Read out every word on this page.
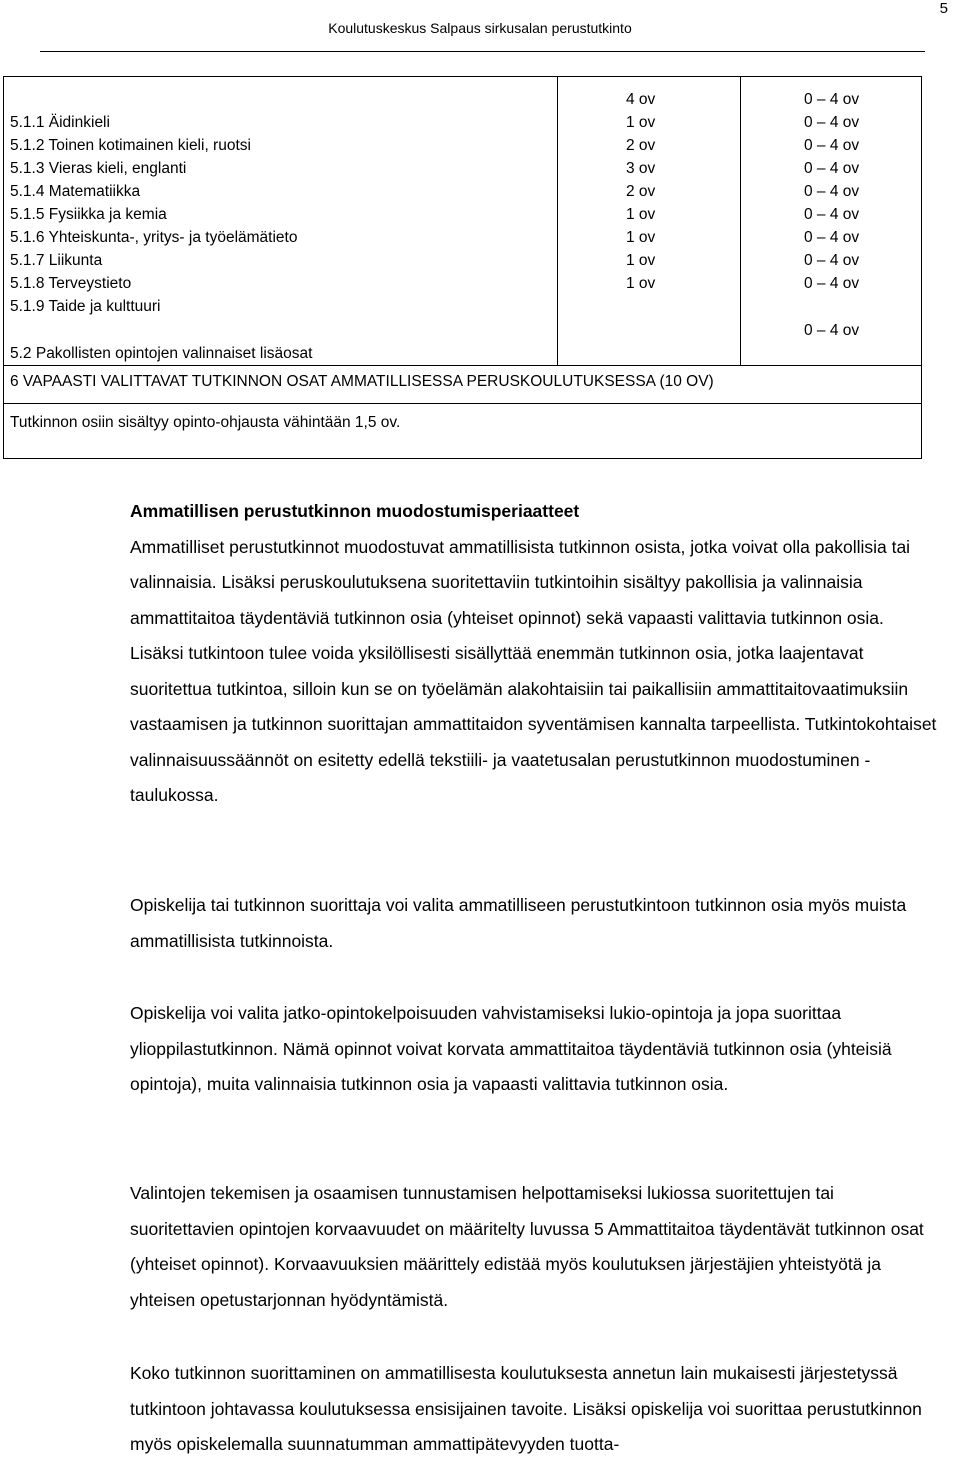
Koulutuskeskus Salpaus sirkusalan perustutkinto
5
5.1.1 Äidinkieli
5.1.2 Toinen kotimainen kieli, ruotsi
5.1.3 Vieras kieli, englanti
5.1.4 Matematiikka
5.1.5 Fysiikka ja kemia
5.1.6 Yhteiskunta-, yritys- ja työelämätieto
5.1.7 Liikunta
5.1.8 Terveystieto
5.1.9 Taide ja kulttuuri
5.2 Pakollisten opintojen valinnaiset lisäosat
4 ov
1 ov
2 ov
3 ov
2 ov
1 ov
1 ov
1 ov
1 ov
0 – 4 ov
0 – 4 ov
0 – 4 ov
0 – 4 ov
0 – 4 ov
0 – 4 ov
0 – 4 ov
0 – 4 ov
0 – 4 ov
0 – 4 ov
6 VAPAASTI VALITTAVAT TUTKINNON OSAT AMMATILLISESSA PERUSKOULUTUKSESSA (10 OV)
Tutkinnon osiin sisältyy opinto-ohjausta vähintään 1,5 ov.

Ammatillisen perustutkinnon muodostumisperiaatteet

Ammatilliset perustutkinnot muodostuvat ammatillisista tutkinnon osista, jotka voivat olla pakollisia tai valinnaisia. Lisäksi peruskoulutuksena suoritettaviin tutkintoihin sisältyy pakollisia ja valinnaisia ammattitaitoa täydentäviä tutkinnon osia (yhteiset opinnot) sekä vapaasti valittavia tutkinnon osia. Lisäksi tutkintoon tulee voida yksilöllisesti sisällyttää enemmän tutkinnon osia, jotka laajentavat suoritettua tutkintoa, silloin kun se on työelämän alakohtaisiin tai paikallisiin ammattitaitovaatimuksiin vastaamisen ja tutkinnon suorittajan ammattitaidon syventämisen kannalta tarpeellista. Tutkintokohtaiset valinnaisuussäännöt on esitetty edellä tekstiili- ja vaatetusalan perustutkinnon muodostuminen - taulukossa.

Opiskelija tai tutkinnon suorittaja voi valita ammatilliseen perustutkintoon tutkinnon osia myös muista ammatillisista tutkinnoista.

Opiskelija voi valita jatko-opintokelpoisuuden vahvistamiseksi lukio-opintoja ja jopa suorittaa ylioppilastutkinnon. Nämä opinnot voivat korvata ammattitaitoa täydentäviä tutkinnon osia (yhteisiä opintoja), muita valinnaisia tutkinnon osia ja vapaasti valittavia tutkinnon osia.

Valintojen tekemisen ja osaamisen tunnustamisen helpottamiseksi lukiossa suoritettujen tai suoritettavien opintojen korvaavuudet on määritelty luvussa 5 Ammattitaitoa täydentävät tutkinnon osat (yhteiset opinnot). Korvaavuuksien määrittely edistää myös koulutuksen järjestäjien yhteistyötä ja yhteisen opetustarjonnan hyödyntämistä.

Koko tutkinnon suorittaminen on ammatillisesta koulutuksesta annetun lain mukaisesti järjestetyssä tutkintoon johtavassa koulutuksessa ensisijainen tavoite. Lisäksi opiskelija voi suorittaa perustutkinnon myös opiskelemalla suunnatumman ammattipätevyyden tuotta-
